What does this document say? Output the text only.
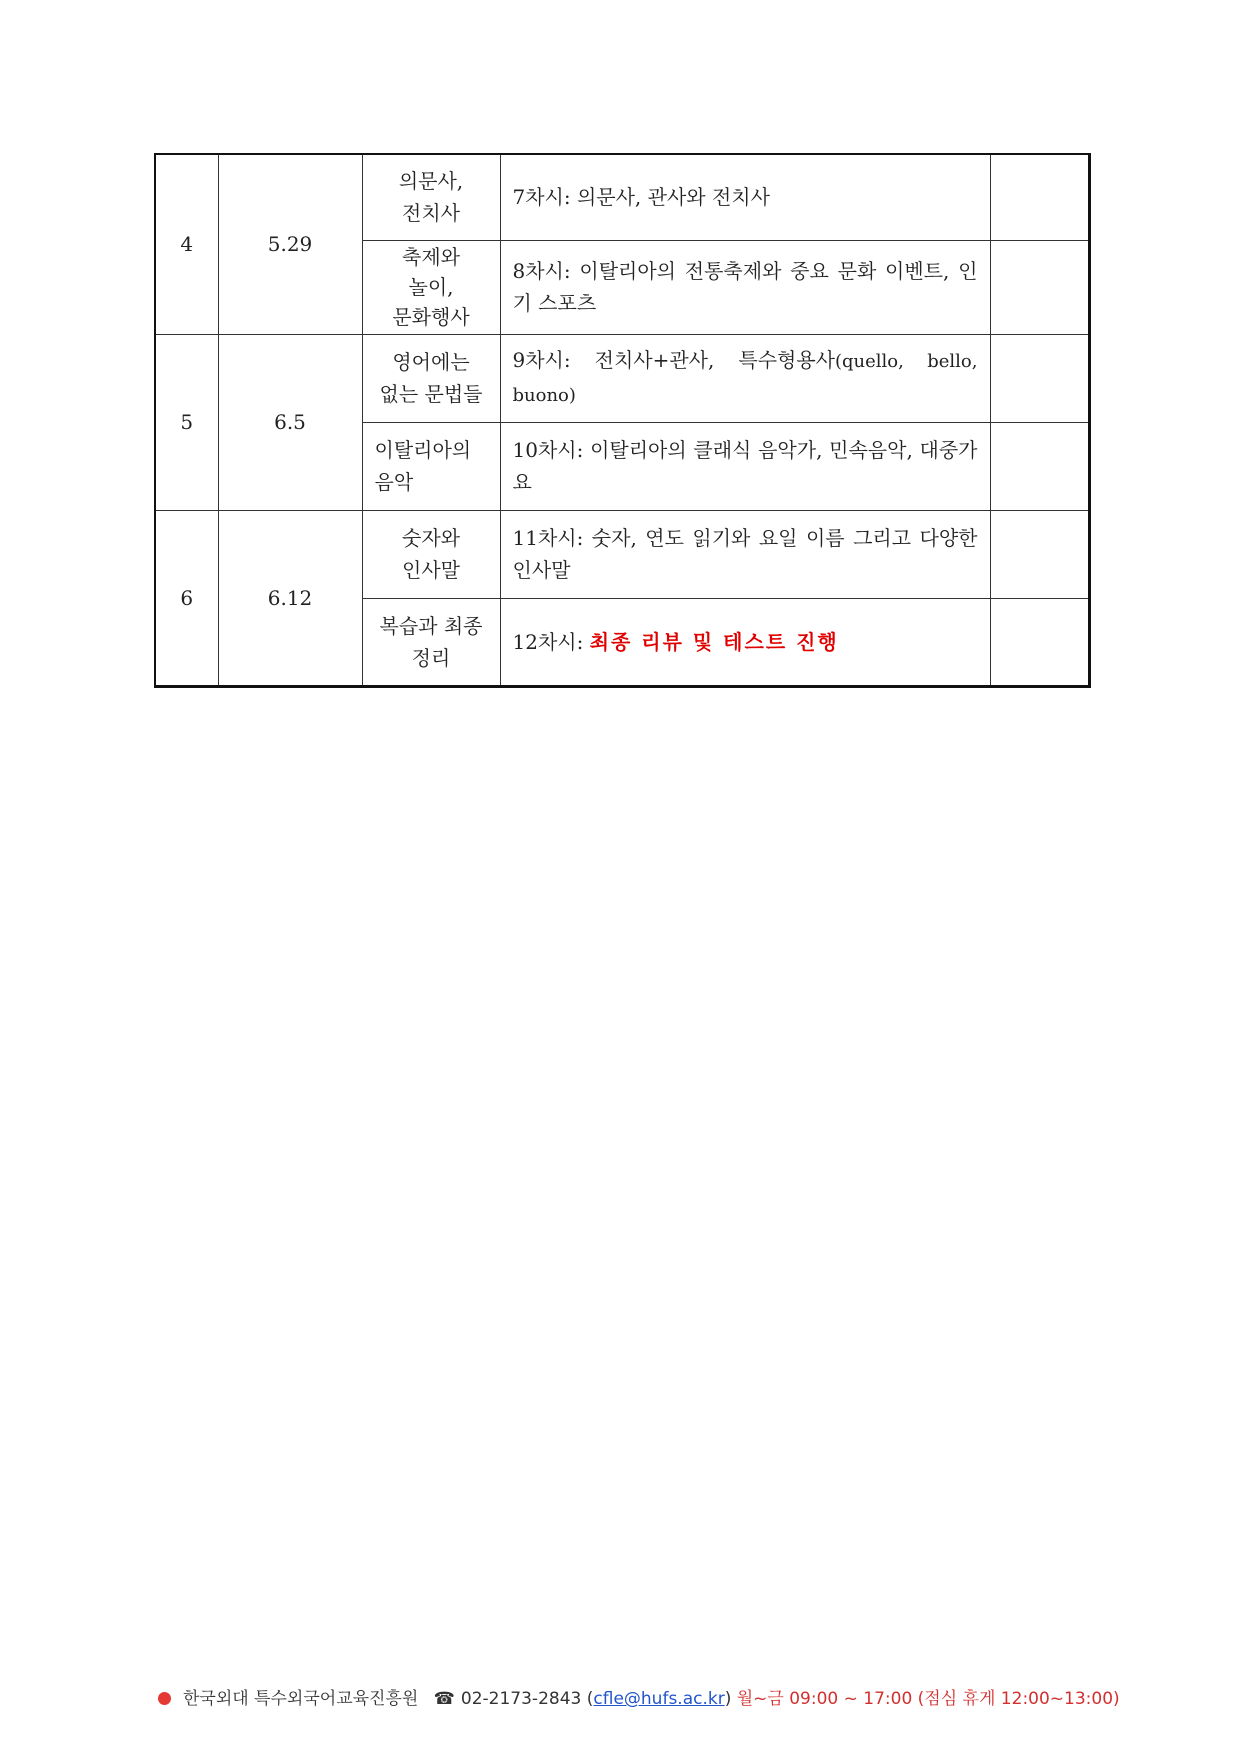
4	5.29	의문사,
전치사	7차시: 의문사, 관사와 전치사	
		축제와
놀이,
문화행사	8차시: 이탈리아의 전통축제와 중요 문화 이벤트, 인기 스포츠	
5	6.5	영어에는
없는 문법들	9차시: 전치사+관사, 특수형용사(quello, bello, buono)	
		이탈리아의 음악	10차시: 이탈리아의 클래식 음악가, 민속음악, 대중가요	
6	6.12	숫자와
인사말	11차시: 숫자, 연도 읽기와 요일 이름 그리고 다양한 인사말	
		복습과 최종
정리	12차시: 최종 리뷰 및 테스트 진행	
한국외대 특수외국어교육진흥원 ☎ 02-2173-2843 (cfle@hufs.ac.kr) 월~금 09:00 ~ 17:00 (점심 휴게 12:00~13:00)
